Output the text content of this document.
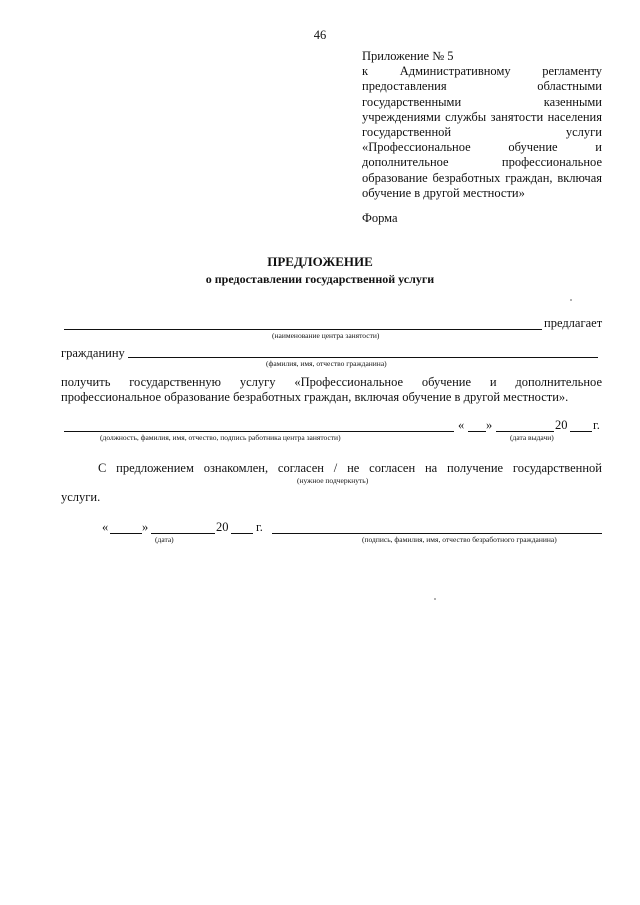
46
Приложение № 5
к Административному регламенту
предоставления областными
государственными казенными
учреждениями службы занятости населения
государственной услуги
«Профессиональное обучение и
дополнительное профессиональное
образование безработных граждан, включая
обучение в другой местности»
Форма
ПРЕДЛОЖЕНИЕ
о предоставлении государственной услуги
предлагает
(наименование центра занятости)
гражданину
(фамилия, имя, отчество гражданина)
получить государственную услугу «Профессиональное обучение и дополнительное
профессиональное образование безработных граждан, включая обучение в другой местности».
« »	20 г.
(должность, фамилия, имя, отчество, подпись работника центра занятости)	(дата выдачи)
С предложением ознакомлен, согласен / не согласен на получение государственной
(нужное подчеркнуть)
услуги.
«	»	20 г.
(дата)	(подпись, фамилия, имя, отчество безработного гражданина)
